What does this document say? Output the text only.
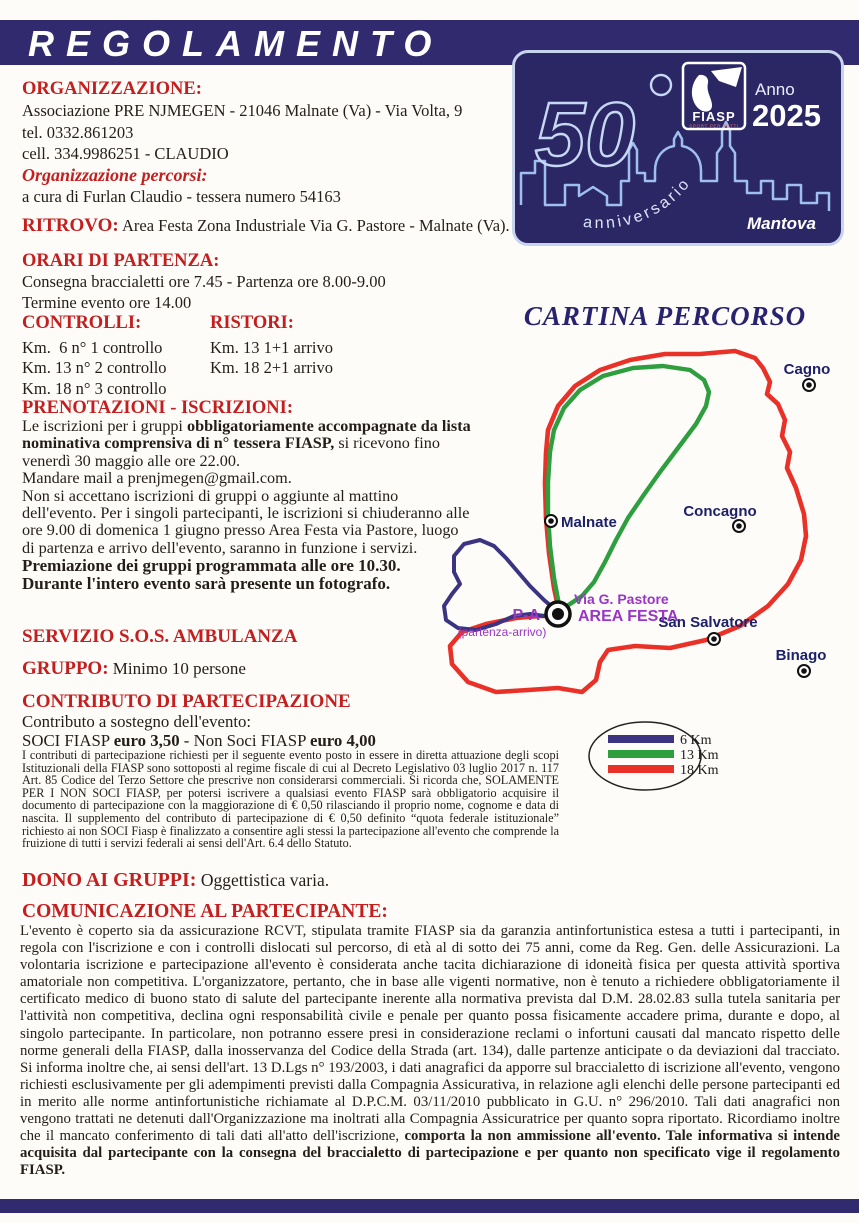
REGOLAMENTO
50
anniversario
FIASP
SPORT PER TUTTI
Anno
2025
Mantova
ORGANIZZAZIONE:
Associazione PRE NJMEGEN - 21046 Malnate (Va) - Via Volta, 9
tel. 0332.861203
cell. 334.9986251 - CLAUDIO
Organizzazione percorsi:
a cura di Furlan Claudio - tessera numero 54163
RITROVO: Area Festa Zona Industriale Via G. Pastore - Malnate (Va).
ORARI DI PARTENZA:
Consegna braccialetti ore 7.45 - Partenza ore 8.00-9.00
Termine evento ore 14.00
CONTROLLI:
Km.  6 n° 1 controllo
Km. 13 n° 2 controllo
Km. 18 n° 3 controllo
RISTORI:
Km. 13 1+1 arrivo
Km. 18 2+1 arrivo
PRENOTAZIONI - ISCRIZIONI:

Le iscrizioni per i gruppi obbligatoriamente accompagnate da lista nominativa comprensiva di n° tessera FIASP, si ricevono fino venerdì 30 maggio alle ore 22.00.

Mandare mail a prenjmegen@gmail.com.

Non si accettano iscrizioni di gruppi o aggiunte al mattino dell'evento. Per i singoli partecipanti, le iscrizioni si chiuderanno alle ore 9.00 di domenica 1 giugno presso Area Festa via Pastore, luogo di partenza e arrivo dell'evento, saranno in funzione i servizi.

Premiazione dei gruppi programmata alle ore 10.30.

Durante l'intero evento sarà presente un fotografo.

SERVIZIO S.O.S. AMBULANZA
GRUPPO: Minimo 10 persone
CONTRIBUTO DI PARTECIPAZIONE
Contributo a sostegno dell'evento:
SOCI FIASP euro 3,50 - Non Soci FIASP euro 4,00
I contributi di partecipazione richiesti per il seguente evento posto in essere in diretta attuazione degli scopi Istituzionali della FIASP sono sottoposti al regime fiscale di cui al Decreto Legislativo 03 luglio 2017 n. 117 Art. 85 Codice del Terzo Settore che prescrive non considerarsi commerciali. Si ricorda che, SOLAMENTE PER I NON SOCI FIASP, per potersi iscrivere a qualsiasi evento FIASP sarà obbligatorio acquisire il documento di partecipazione con la maggiorazione di € 0,50 rilasciando il proprio nome, cognome e data di nascita. Il supplemento del contributo di partecipazione di € 0,50 definito “quota federale istituzionale” richiesto ai non SOCI Fiasp è finalizzato a consentire agli stessi la partecipazione all'evento che comprende la fruizione di tutti i servizi federali ai sensi dell'Art. 6.4 dello Statuto.
DONO AI GRUPPI: Oggettistica varia.
COMUNICAZIONE AL PARTECIPANTE:
L'evento è coperto sia da assicurazione RCVT, stipulata tramite FIASP sia da garanzia antinfortunistica estesa a tutti i partecipanti, in regola con l'iscrizione e con i controlli dislocati sul percorso, di età al di sotto dei 75 anni, come da Reg. Gen. delle Assicurazioni. La volontaria iscrizione e partecipazione all'evento è considerata anche tacita dichiarazione di idoneità fisica per questa attività sportiva amatoriale non competitiva. L'organizzatore, pertanto, che in base alle vigenti normative, non è tenuto a richiedere obbligatoriamente il certificato medico di buono stato di salute del partecipante inerente alla normativa prevista dal D.M. 28.02.83 sulla tutela sanitaria per l'attività non competitiva, declina ogni responsabilità civile e penale per quanto possa fisicamente accadere prima, durante e dopo, al singolo partecipante. In particolare, non potranno essere presi in considerazione reclami o infortuni causati dal mancato rispetto delle norme generali della FIASP, dalla inosservanza del Codice della Strada (art. 134), dalle partenze anticipate o da deviazioni dal tracciato. Si informa inoltre che, ai sensi dell'art. 13 D.Lgs n° 193/2003, i dati anagrafici da apporre sul braccialetto di iscrizione all'evento, vengono richiesti esclusivamente per gli adempimenti previsti dalla Compagnia Assicurativa, in relazione agli elenchi delle persone partecipanti ed in merito alle norme antinfortunistiche richiamate al D.P.C.M. 03/11/2010 pubblicato in G.U. n° 296/2010. Tali dati anagrafici non vengono trattati ne detenuti dall'Organizzazione ma inoltrati alla Compagnia Assicuratrice per quanto sopra riportato. Ricordiamo inoltre che il mancato conferimento di tali dati all'atto dell'iscrizione, comporta la non ammissione all'evento. Tale informativa si intende acquisita dal partecipante con la consegna del braccialetto di partecipazione e per quanto non specificato vige il regolamento FIASP.
CARTINA PERCORSO
Cagno
Malnate
Concagno
San Salvatore
Binago
P-A
(partenza-arrivo)
Via G. Pastore
AREA FESTA
6 Km
13 Km
18 Km
